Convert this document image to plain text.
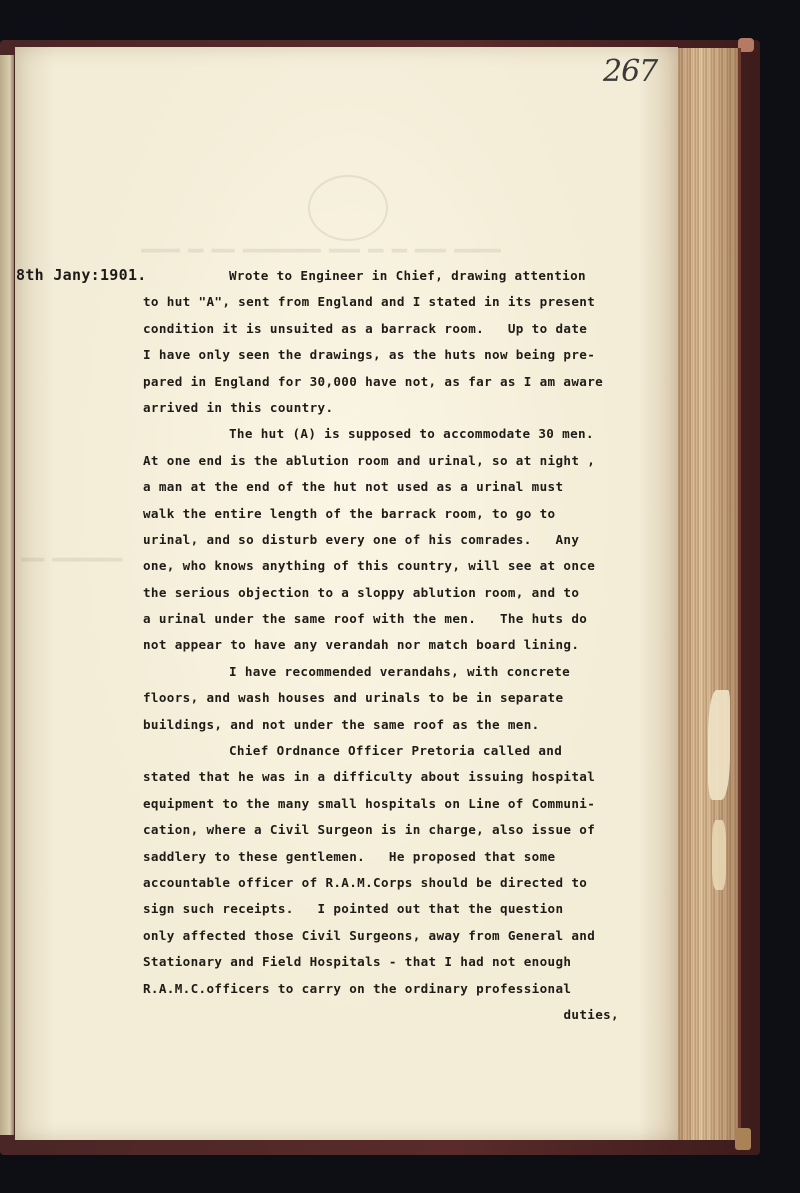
▬▬▬▬▬ ▬▬ ▬▬▬ ▬▬▬▬▬▬▬▬▬▬ ▬▬▬▬ ▬▬ ▬▬ ▬▬▬▬ ▬▬▬▬▬▬
▬▬▬ ▬▬▬▬▬▬▬▬▬
267
8th Jany:1901.	Wrote to Engineer in Chief, drawing attention
to hut "A", sent from England and I stated in its present
condition it is unsuited as a barrack room.   Up to date
I have only seen the drawings, as the huts now being pre-
pared in England for 30,000 have not, as far as I am aware
arrived in this country.
The hut (A) is supposed to accommodate 30 men.
At one end is the ablution room and urinal, so at night ,
a man at the end of the hut not used as a urinal must
walk the entire length of the barrack room, to go to
urinal, and so disturb every one of his comrades.   Any
one, who knows anything of this country, will see at once
the serious objection to a sloppy ablution room, and to
a urinal under the same roof with the men.   The huts do
not appear to have any verandah nor match board lining.
I have recommended verandahs, with concrete
floors, and wash houses and urinals to be in separate
buildings, and not under the same roof as the men.
Chief Ordnance Officer Pretoria called and
stated that he was in a difficulty about issuing hospital
equipment to the many small hospitals on Line of Communi-
cation, where a Civil Surgeon is in charge, also issue of
saddlery to these gentlemen.   He proposed that some
accountable officer of R.A.M.Corps should be directed to
sign such receipts.   I pointed out that the question
only affected those Civil Surgeons, away from General and
Stationary and Field Hospitals - that I had not enough
R.A.M.C.officers to carry on the ordinary professional
duties,
